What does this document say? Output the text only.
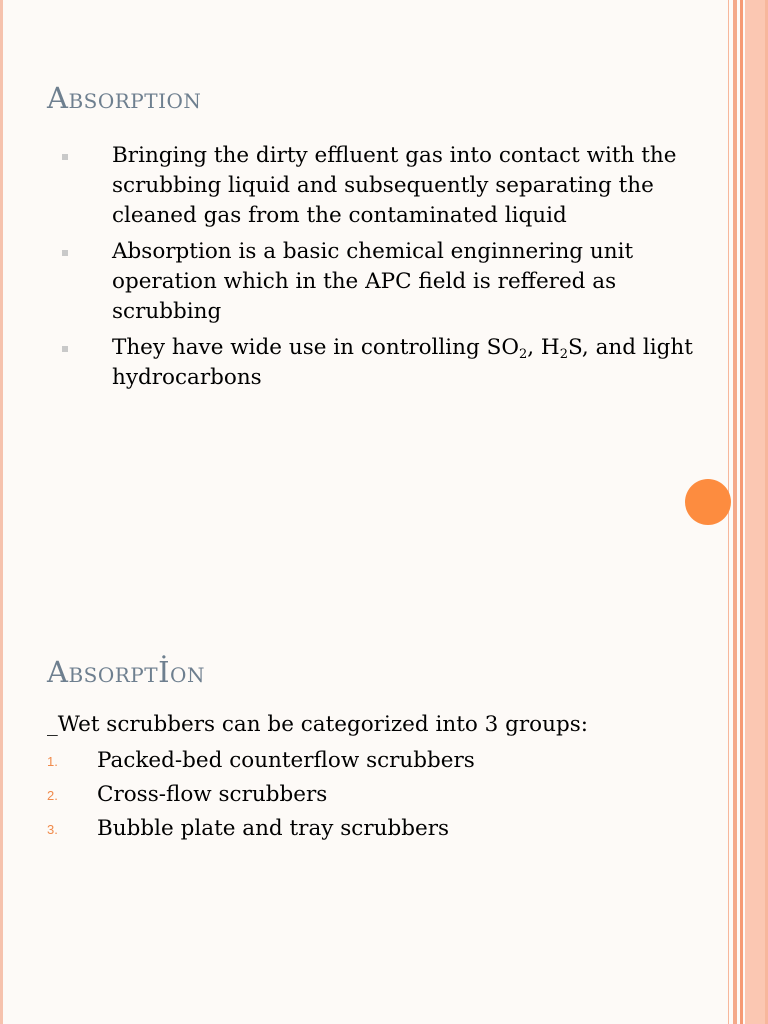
Absorption
Bringing the dirty effluent gas into contact with the scrubbing liquid and subsequently separating the cleaned gas from the contaminated liquid
Absorption is a basic chemical enginnering unit operation which in the APC field is reffered as scrubbing
They have wide use in controlling $SO_2$, $H_2S$, and light hydrocarbons
Absorptİon

_Wet scrubbers can be categorized into 3 groups:

1. Packed-bed counterflow scrubbers
2. Cross-flow scrubbers
3. Bubble plate and tray scrubbers
